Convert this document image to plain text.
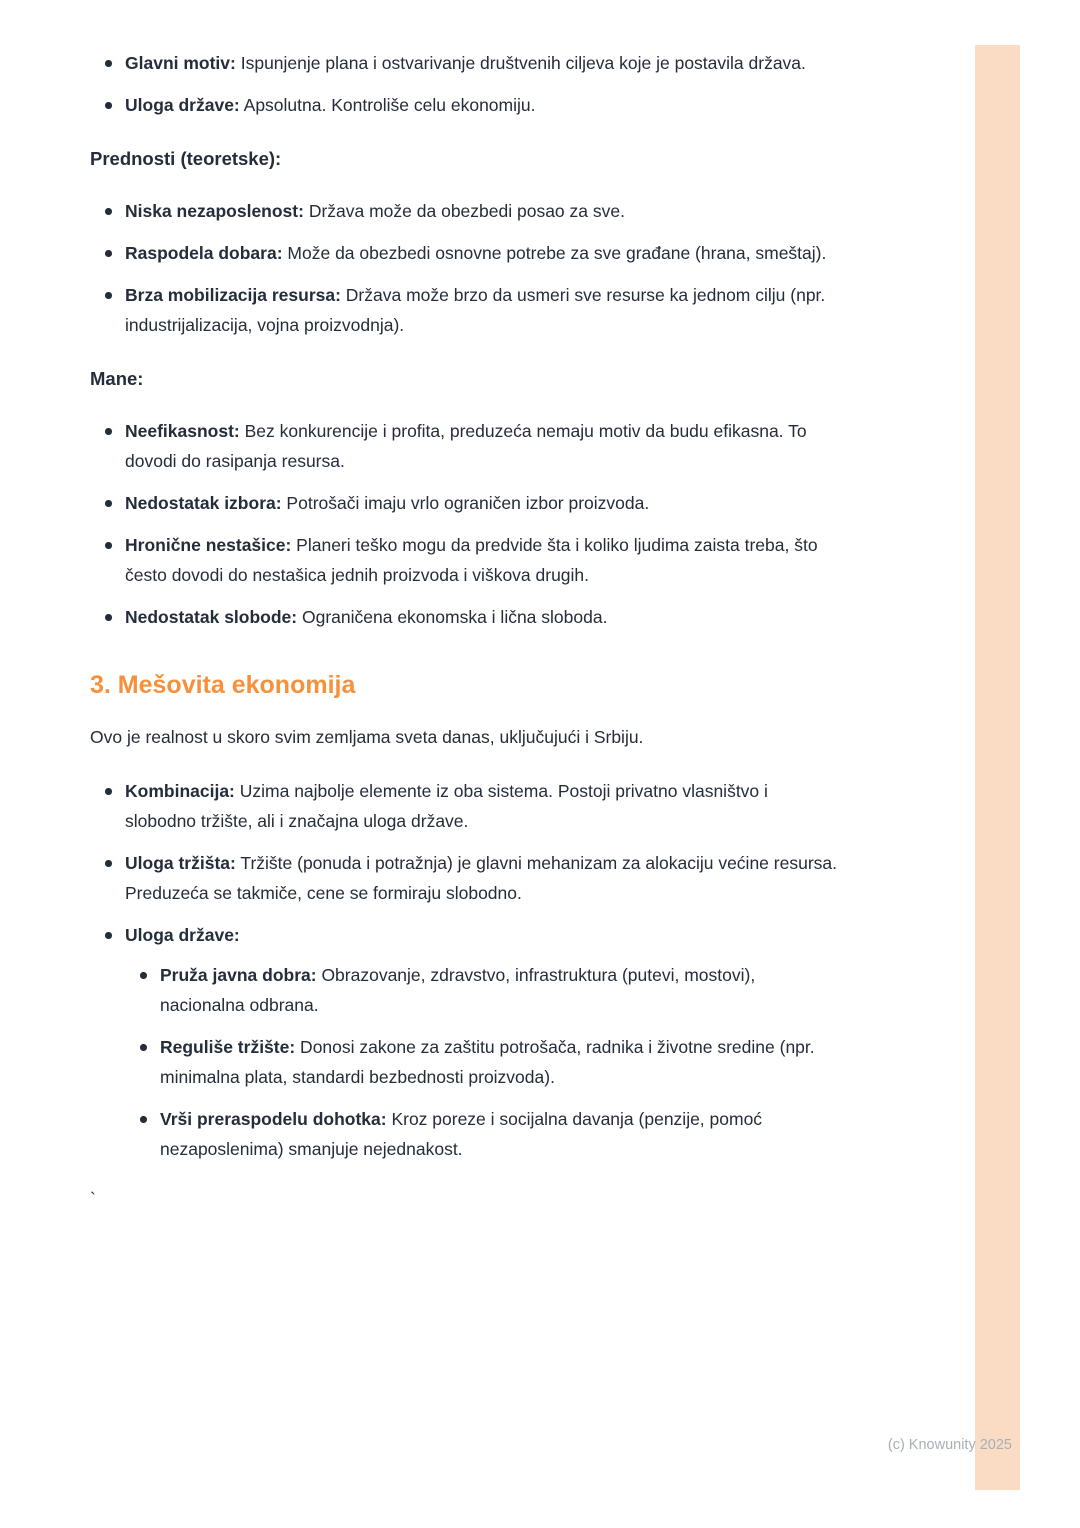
Glavni motiv: Ispunjenje plana i ostvarivanje društvenih ciljeva koje je postavila država.
Uloga države: Apsolutna. Kontroliše celu ekonomiju.
Prednosti (teoretske):
Niska nezaposlenost: Država može da obezbedi posao za sve.
Raspodela dobara: Može da obezbedi osnovne potrebe za sve građane (hrana, smeštaj).
Brza mobilizacija resursa: Država može brzo da usmeri sve resurse ka jednom cilju (npr. industrijalizacija, vojna proizvodnja).
Mane:
Neefikasnost: Bez konkurencije i profita, preduzeća nemaju motiv da budu efikasna. To dovodi do rasipanja resursa.
Nedostatak izbora: Potrošači imaju vrlo ograničen izbor proizvoda.
Hronične nestašice: Planeri teško mogu da predvide šta i koliko ljudima zaista treba, što često dovodi do nestašica jednih proizvoda i viškova drugih.
Nedostatak slobode: Ograničena ekonomska i lična sloboda.
3. Mešovita ekonomija

Ovo je realnost u skoro svim zemljama sveta danas, uključujući i Srbiju.

Kombinacija: Uzima najbolje elemente iz oba sistema. Postoji privatno vlasništvo i slobodno tržište, ali i značajna uloga države.
Uloga tržišta: Tržište (ponuda i potražnja) je glavni mehanizam za alokaciju većine resursa. Preduzeća se takmiče, cene se formiraju slobodno.
Uloga države:
Pruža javna dobra: Obrazovanje, zdravstvo, infrastruktura (putevi, mostovi), nacionalna odbrana.
Reguliše tržište: Donosi zakone za zaštitu potrošača, radnika i životne sredine (npr. minimalna plata, standardi bezbednosti proizvoda).
Vrši preraspodelu dohotka: Kroz poreze i socijalna davanja (penzije, pomoć nezaposlenima) smanjuje nejednakost.
`
(c) Knowunity 2025
